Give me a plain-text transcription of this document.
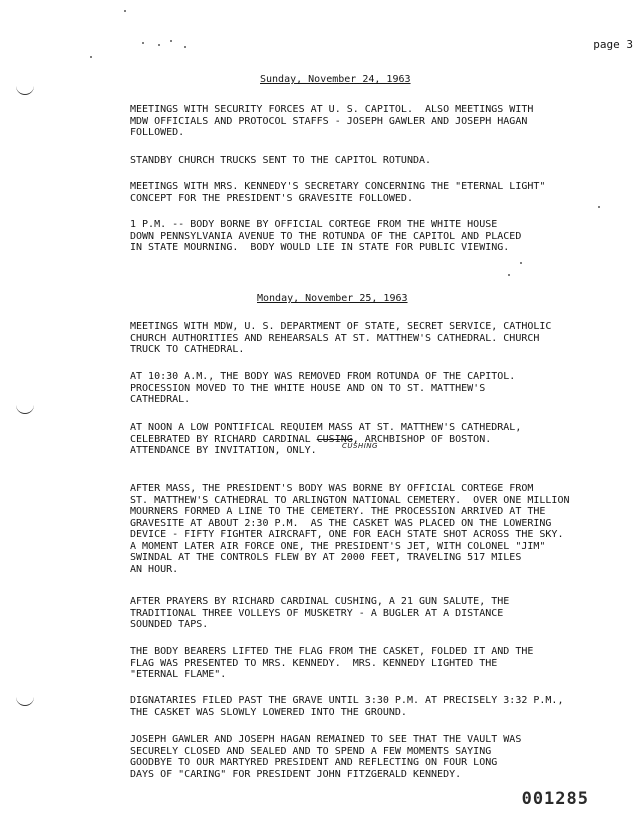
page 3
Sunday, November 24, 1963
MEETINGS WITH SECURITY FORCES AT U. S. CAPITOL.  ALSO MEETINGS WITH
MDW OFFICIALS AND PROTOCOL STAFFS - JOSEPH GAWLER AND JOSEPH HAGAN
FOLLOWED.
STANDBY CHURCH TRUCKS SENT TO THE CAPITOL ROTUNDA.
MEETINGS WITH MRS. KENNEDY'S SECRETARY CONCERNING THE "ETERNAL LIGHT"
CONCEPT FOR THE PRESIDENT'S GRAVESITE FOLLOWED.
1 P.M. -- BODY BORNE BY OFFICIAL CORTEGE FROM THE WHITE HOUSE
DOWN PENNSYLVANIA AVENUE TO THE ROTUNDA OF THE CAPITOL AND PLACED
IN STATE MOURNING.  BODY WOULD LIE IN STATE FOR PUBLIC VIEWING.
Monday, November 25, 1963
MEETINGS WITH MDW, U. S. DEPARTMENT OF STATE, SECRET SERVICE, CATHOLIC
CHURCH AUTHORITIES AND REHEARSALS AT ST. MATTHEW'S CATHEDRAL. CHURCH
TRUCK TO CATHEDRAL.
AT 10:30 A.M., THE BODY WAS REMOVED FROM ROTUNDA OF THE CAPITOL.
PROCESSION MOVED TO THE WHITE HOUSE AND ON TO ST. MATTHEW'S
CATHEDRAL.
AT NOON A LOW PONTIFICAL REQUIEM MASS AT ST. MATTHEW'S CATHEDRAL,
CELEBRATED BY RICHARD CARDINAL CUSING, ARCHBISHOP OF BOSTON.
ATTENDANCE BY INVITATION, ONLY.	CUSHING
AFTER MASS, THE PRESIDENT'S BODY WAS BORNE BY OFFICIAL CORTEGE FROM
ST. MATTHEW'S CATHEDRAL TO ARLINGTON NATIONAL CEMETERY.  OVER ONE MILLION
MOURNERS FORMED A LINE TO THE CEMETERY. THE PROCESSION ARRIVED AT THE
GRAVESITE AT ABOUT 2:30 P.M.  AS THE CASKET WAS PLACED ON THE LOWERING
DEVICE - FIFTY FIGHTER AIRCRAFT, ONE FOR EACH STATE SHOT ACROSS THE SKY.
A MOMENT LATER AIR FORCE ONE, THE PRESIDENT'S JET, WITH COLONEL "JIM"
SWINDAL AT THE CONTROLS FLEW BY AT 2000 FEET, TRAVELING 517 MILES
AN HOUR.
AFTER PRAYERS BY RICHARD CARDINAL CUSHING, A 21 GUN SALUTE, THE
TRADITIONAL THREE VOLLEYS OF MUSKETRY - A BUGLER AT A DISTANCE
SOUNDED TAPS.
THE BODY BEARERS LIFTED THE FLAG FROM THE CASKET, FOLDED IT AND THE
FLAG WAS PRESENTED TO MRS. KENNEDY.  MRS. KENNEDY LIGHTED THE
"ETERNAL FLAME".
DIGNATARIES FILED PAST THE GRAVE UNTIL 3:30 P.M. AT PRECISELY 3:32 P.M.,
THE CASKET WAS SLOWLY LOWERED INTO THE GROUND.
JOSEPH GAWLER AND JOSEPH HAGAN REMAINED TO SEE THAT THE VAULT WAS
SECURELY CLOSED AND SEALED AND TO SPEND A FEW MOMENTS SAYING
GOODBYE TO OUR MARTYRED PRESIDENT AND REFLECTING ON FOUR LONG
DAYS OF "CARING" FOR PRESIDENT JOHN FITZGERALD KENNEDY.
001285
